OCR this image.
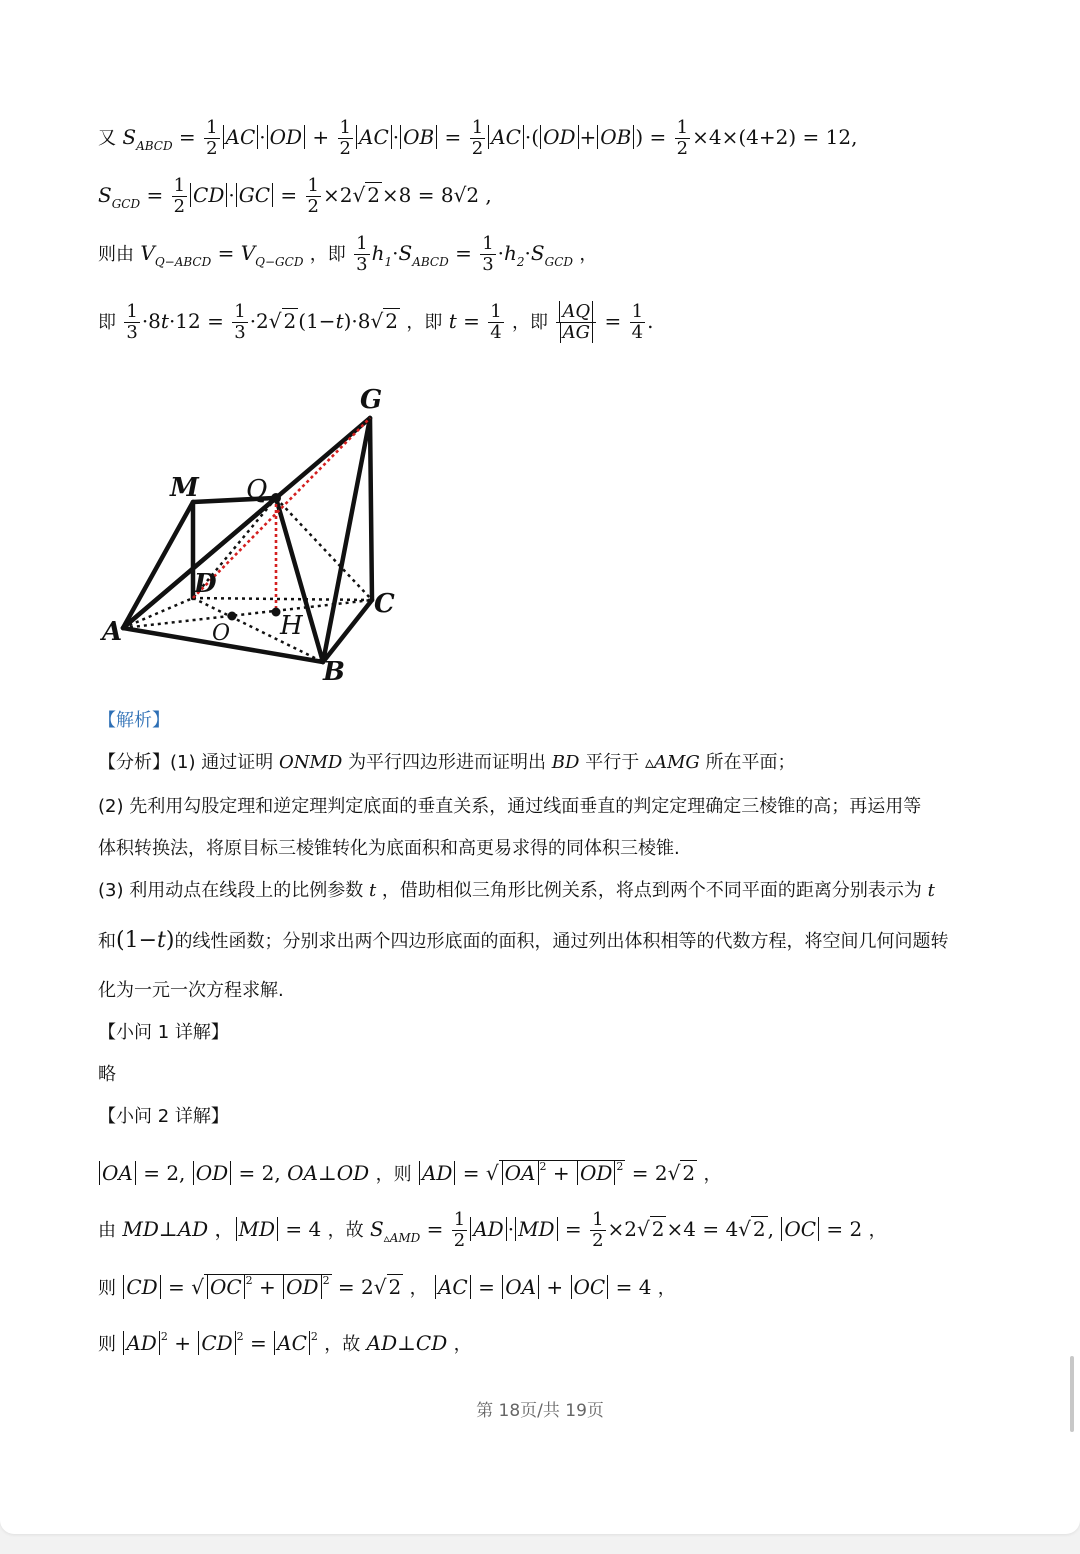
又 $S_{ABCD} = \frac{1}{2}$ AC · OD + $\frac{1}{2}$ AC · OB = $\frac{1}{2}$ AC ·( OD + OB ) = $\frac{1}{2} \times 4\times(4+2) = 12$,
$S_{GCD} = \frac{1}{2}$ CD · GC = $\frac{1}{2} \times 2√$ 2 ×8 = 8√2 ,
则由 $V_{Q-ABCD} = V_{Q-GCD}$ ，即 $\frac{1}{3} h_1\cdot S_{ABCD} = \frac{1}{3} \cdot h_2\cdot S_{GCD}$ ，
即 $\frac{1}{3} \cdot 8t\cdot 12 = \frac{1}{3} \cdot 2√$ 2 (1−t)·8√ 2 ，即 $t = \frac{1}{4}$ ，即 $\frac{AQ}{AG} = \frac{1}{4}$ .
G
M Q
D
C
A	O H
B
【解析】
【分析】(1) 通过证明 ONMD 为平行四边形进而证明出 BD 平行于 ▵AMG 所在平面；
(2) 先利用勾股定理和逆定理判定底面的垂直关系，通过线面垂直的判定定理确定三棱锥的高；再运用等
体积转换法，将原目标三棱锥转化为底面积和高更易求得的同体积三棱锥.
(3) 利用动点在线段上的比例参数 t ，借助相似三角形比例关系，将点到两个不同平面的距离分别表示为 t
和(1−t)的线性函数；分别求出两个四边形底面的面积，通过列出体积相等的代数方程，将空间几何问题转
化为一元一次方程求解.
【小问 1 详解】
略
【小问 2 详解】
OA = 2, OD = 2, OA⊥OD ，则 AD = √ OA $^2$ + OD $^2$ = 2√ 2 ，
由 MD⊥AD ， MD = 4 ，故 $S_{▵AMD} = \frac{1}{2}$ AD · MD = $\frac{1}{2} \times 2√$ 2 ×4 = 4√ 2 , OC = 2 ，
则 CD = √ OC $^2$ + OD $^2$ = 2√ 2 ， AC = OA + OC = 4 ，
则 AD $^2$ + CD $^2$ = AC $^2$ ，故 AD⊥CD ，
第 18页/共 19页
